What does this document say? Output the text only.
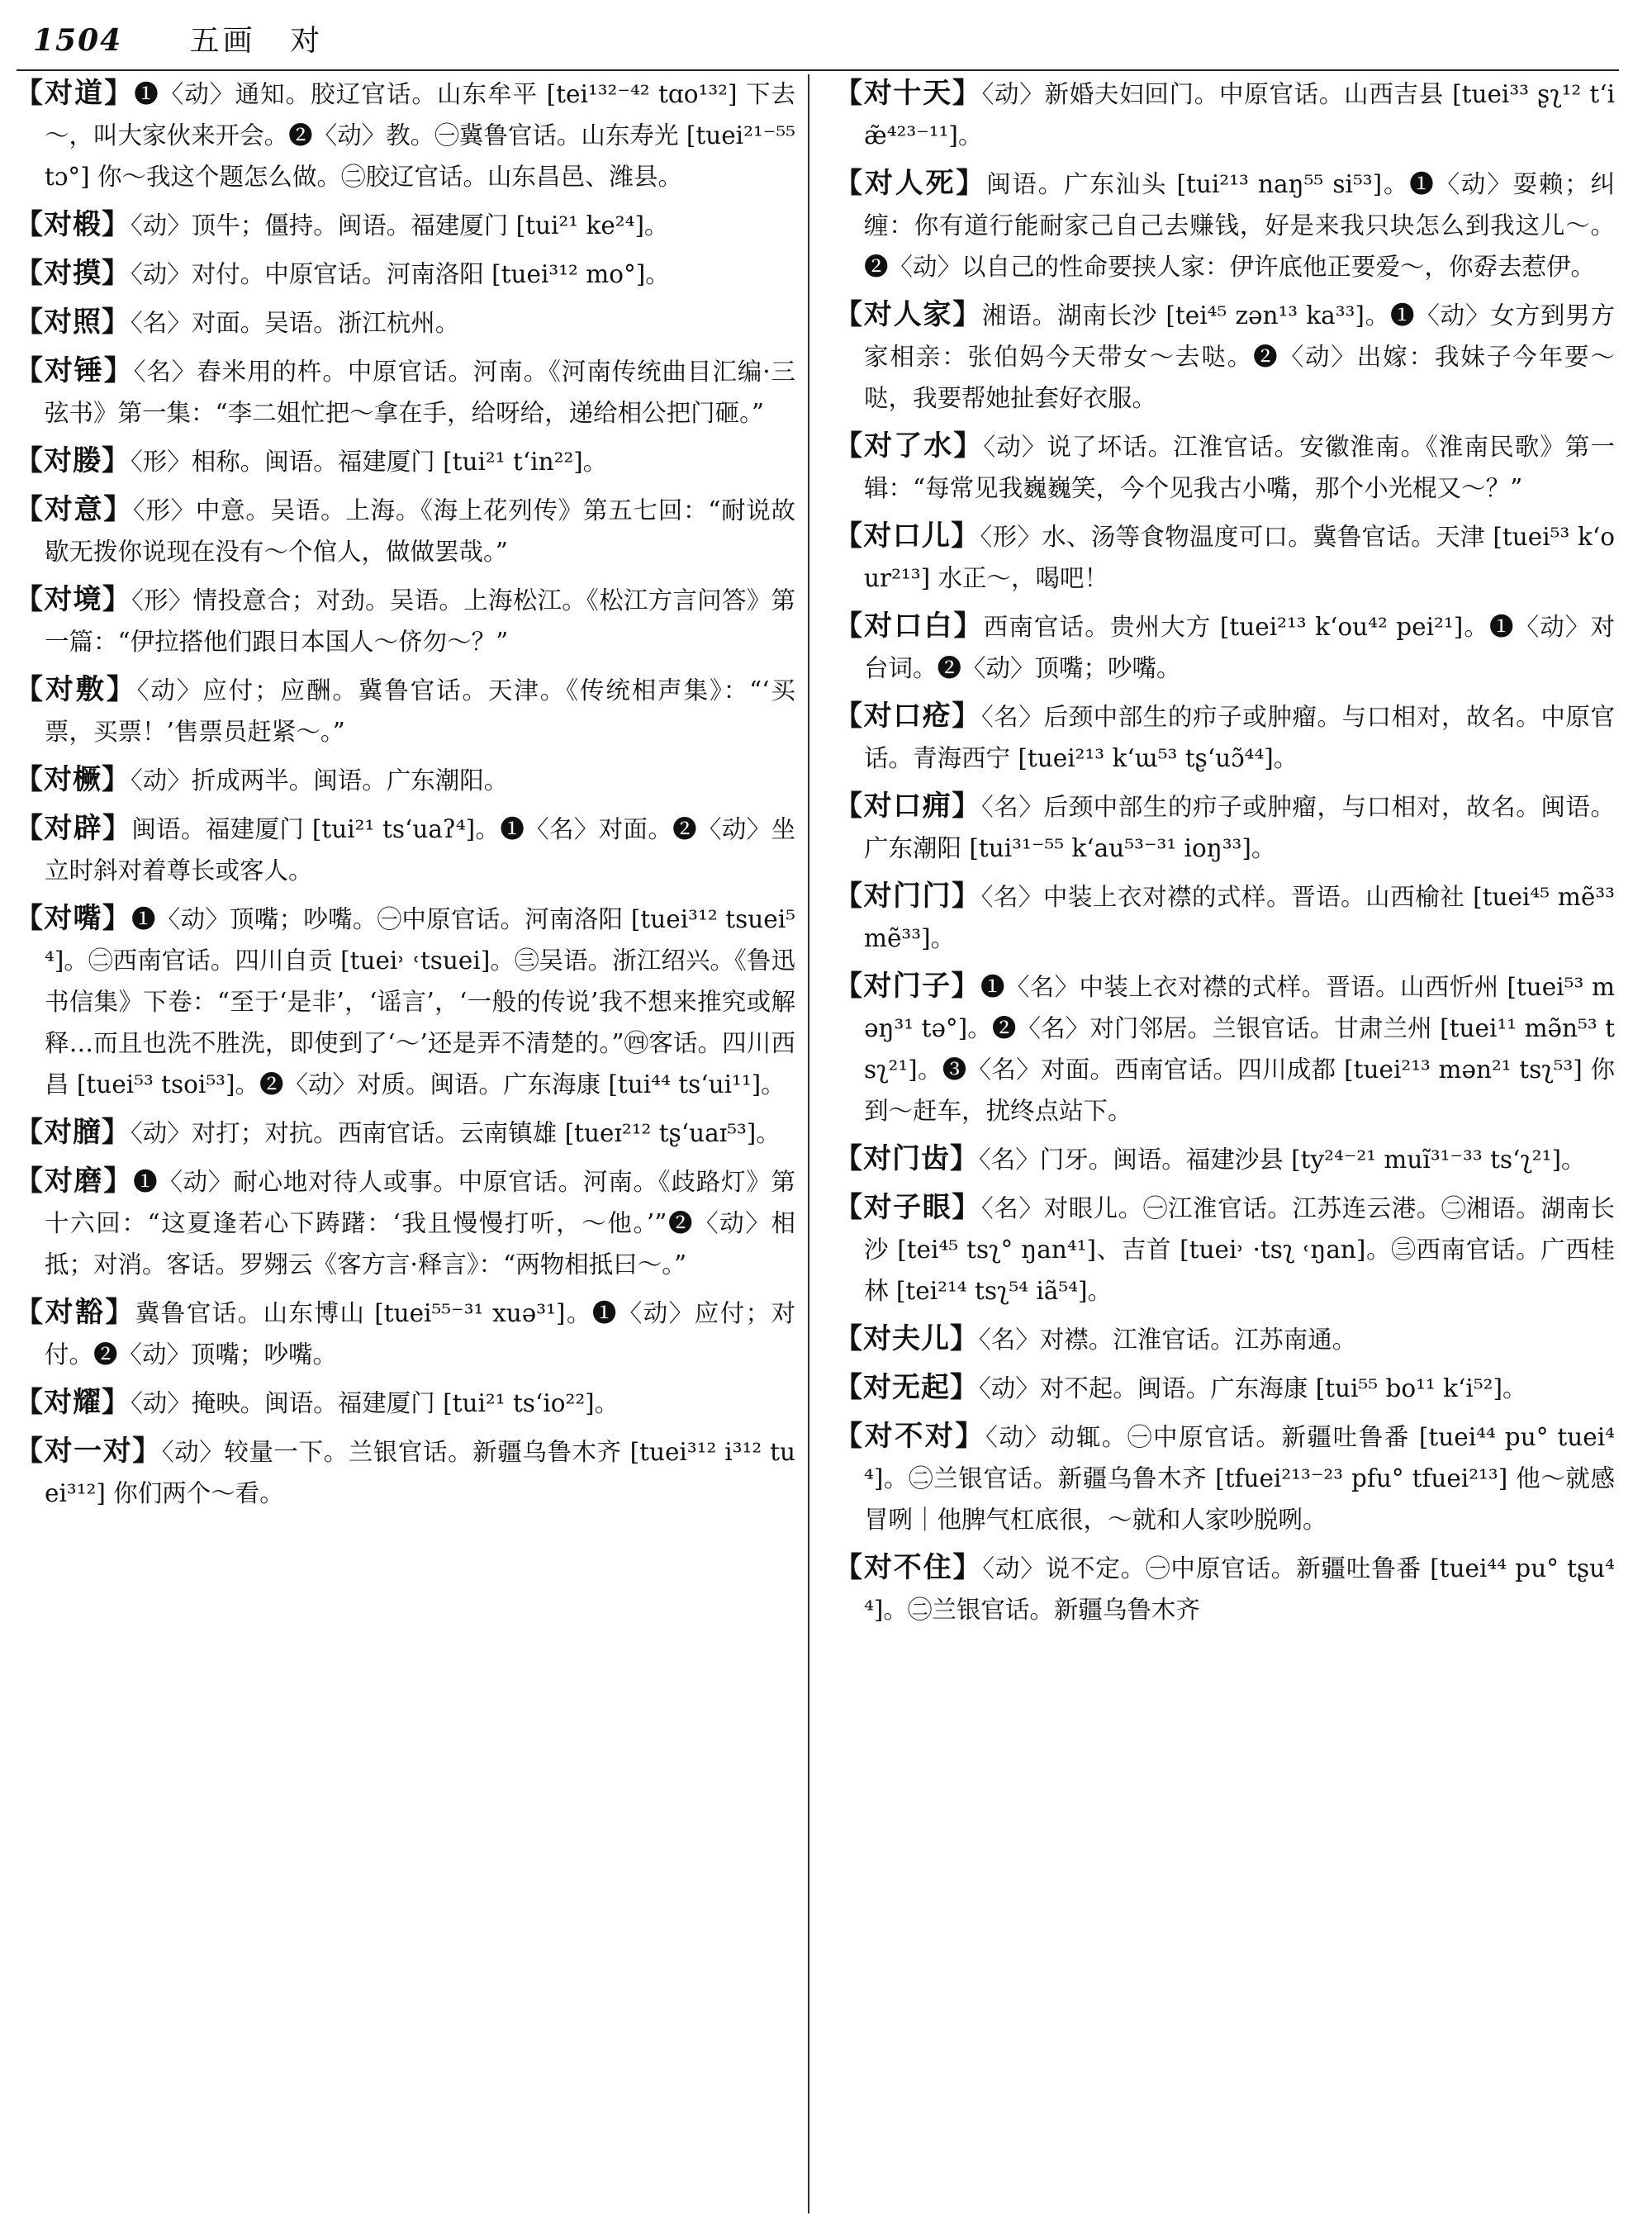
1504 五画 对

【对道】❶〈动〉通知。胶辽官话。山东牟平 [tei¹³²⁻⁴² tɑo¹³²] 下去～，叫大家伙来开会。❷〈动〉教。㊀冀鲁官话。山东寿光 [tuei²¹⁻⁵⁵ tɔ°] 你～我这个题怎么做。㊁胶辽官话。山东昌邑、潍县。

【对椴】〈动〉顶牛；僵持。闽语。福建厦门 [tui²¹ ke²⁴]。

【对摸】〈动〉对付。中原官话。河南洛阳 [tuei³¹² mo°]。

【对照】〈名〉对面。吴语。浙江杭州。

【对锤】〈名〉舂米用的杵。中原官话。河南。《河南传统曲目汇编·三弦书》第一集：“李二姐忙把～拿在手，给呀给，递给相公把门砸。”

【对媵】〈形〉相称。闽语。福建厦门 [tui²¹ tʻin²²]。

【对意】〈形〉中意。吴语。上海。《海上花列传》第五七回：“耐说故歇无拨你说现在没有～个倌人，做做罢哉。”

【对境】〈形〉情投意合；对劲。吴语。上海松江。《松江方言问答》第一篇：“伊拉搭他们跟日本国人～侪勿～？”

【对敷】〈动〉应付；应酬。冀鲁官话。天津。《传统相声集》：“‘买票，买票！’售票员赶紧～。”

【对橛】〈动〉折成两半。闽语。广东潮阳。

【对辟】闽语。福建厦门 [tui²¹ tsʻuaʔ⁴]。❶〈名〉对面。❷〈动〉坐立时斜对着尊长或客人。

【对嘴】❶〈动〉顶嘴；吵嘴。㊀中原官话。河南洛阳 [tuei³¹² tsuei⁵⁴]。㊁西南官话。四川自贡 [tuei˒ ˓tsuei]。㊂吴语。浙江绍兴。《鲁迅书信集》下卷：“至于‘是非’，‘谣言’，‘一般的传说’我不想来推究或解释…而且也洗不胜洗，即使到了‘～’还是弄不清楚的。”㊃客话。四川西昌 [tuei⁵³ tsoi⁵³]。❷〈动〉对质。闽语。广东海康 [tui⁴⁴ tsʻui¹¹]。

【对膪】〈动〉对打；对抗。西南官话。云南镇雄 [tueɪ²¹² tʂʻuaɪ⁵³]。

【对磨】❶〈动〉耐心地对待人或事。中原官话。河南。《歧路灯》第十六回：“这夏逢若心下踌躇：‘我且慢慢打听，～他。’”❷〈动〉相抵；对消。客话。罗翙云《客方言·释言》：“两物相抵曰～。”

【对豁】冀鲁官话。山东博山 [tuei⁵⁵⁻³¹ xuə³¹]。❶〈动〉应付；对付。❷〈动〉顶嘴；吵嘴。

【对耀】〈动〉掩映。闽语。福建厦门 [tui²¹ tsʻio²²]。

【对一对】〈动〉较量一下。兰银官话。新疆乌鲁木齐 [tuei³¹² i³¹² tuei³¹²] 你们两个～看。

【对十天】〈动〉新婚夫妇回门。中原官话。山西吉县 [tuei³³ ʂʅ¹² tʻiæ̃⁴²³⁻¹¹]。

【对人死】闽语。广东汕头 [tui²¹³ naŋ⁵⁵ si⁵³]。❶〈动〉耍赖；纠缠：你有道行能耐家己自己去赚钱，好是来我只块怎么到我这儿～。❷〈动〉以自己的性命要挟人家：伊许底他正要爱～，你孬去惹伊。

【对人家】湘语。湖南长沙 [tei⁴⁵ zən¹³ ka³³]。❶〈动〉女方到男方家相亲：张伯妈今天带女～去哒。❷〈动〉出嫁：我妹子今年要～哒，我要帮她扯套好衣服。

【对了水】〈动〉说了坏话。江淮官话。安徽淮南。《淮南民歌》第一辑：“每常见我巍巍笑，今个见我古小嘴，那个小光棍又～？”

【对口儿】〈形〉水、汤等食物温度可口。冀鲁官话。天津 [tuei⁵³ kʻour²¹³] 水正～，喝吧！

【对口白】西南官话。贵州大方 [tuei²¹³ kʻou⁴² pei²¹]。❶〈动〉对台词。❷〈动〉顶嘴；吵嘴。

【对口疮】〈名〉后颈中部生的疖子或肿瘤。与口相对，故名。中原官话。青海西宁 [tuei²¹³ kʻɯ⁵³ tʂʻuɔ̃⁴⁴]。

【对口痈】〈名〉后颈中部生的疖子或肿瘤，与口相对，故名。闽语。广东潮阳 [tui³¹⁻⁵⁵ kʻau⁵³⁻³¹ ioŋ³³]。

【对门门】〈名〉中装上衣对襟的式样。晋语。山西榆社 [tuei⁴⁵ mẽ³³ mẽ³³]。

【对门子】❶〈名〉中装上衣对襟的式样。晋语。山西忻州 [tuei⁵³ məŋ³¹ tə°]。❷〈名〉对门邻居。兰银官话。甘肃兰州 [tuei¹¹ mə̃n⁵³ tsʅ²¹]。❸〈名〉对面。西南官话。四川成都 [tuei²¹³ mən²¹ tsʅ⁵³] 你到～赶车，扰终点站下。

【对门齿】〈名〉门牙。闽语。福建沙县 [ty²⁴⁻²¹ muĩ³¹⁻³³ tsʻʅ²¹]。

【对子眼】〈名〉对眼儿。㊀江淮官话。江苏连云港。㊁湘语。湖南长沙 [tei⁴⁵ tsʅ° ŋan⁴¹]、吉首 [tuei˒ ·tsʅ ˓ŋan]。㊂西南官话。广西桂林 [tei²¹⁴ tsʅ⁵⁴ iã⁵⁴]。

【对夫儿】〈名〉对襟。江淮官话。江苏南通。

【对无起】〈动〉对不起。闽语。广东海康 [tui⁵⁵ bo¹¹ kʻi⁵²]。

【对不对】〈动〉动辄。㊀中原官话。新疆吐鲁番 [tuei⁴⁴ pu° tuei⁴⁴]。㊁兰银官话。新疆乌鲁木齐 [tfuei²¹³⁻²³ pfu° tfuei²¹³] 他～就感冒咧｜他脾气杠底很，～就和人家吵脱咧。

【对不住】〈动〉说不定。㊀中原官话。新疆吐鲁番 [tuei⁴⁴ pu° tʂu⁴⁴]。㊁兰银官话。新疆乌鲁木齐
